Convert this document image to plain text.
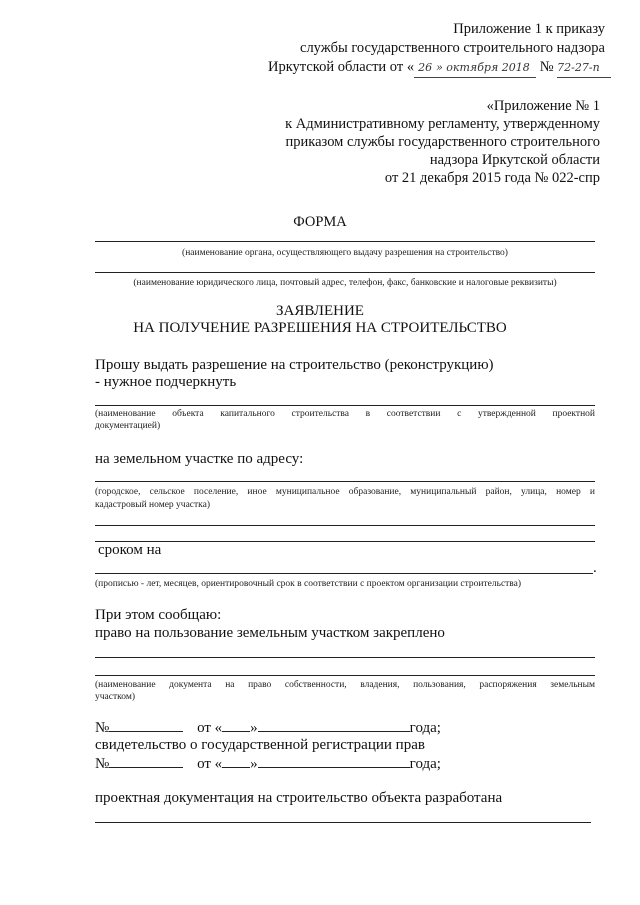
Приложение 1 к приказу
службы государственного строительного надзора
Иркутской области от « 26 » октября 2018 № 72-27-п
«Приложение № 1
к Административному регламенту, утвержденному
приказом службы государственного строительного
надзора Иркутской области
от 21 декабря 2015 года № 022-спр
ФОРМА
(наименование органа, осуществляющего выдачу разрешения на строительство)
(наименование юридического лица, почтовый адрес, телефон, факс, банковские и налоговые реквизиты)
ЗАЯВЛЕНИЕ
НА ПОЛУЧЕНИЕ РАЗРЕШЕНИЯ НА СТРОИТЕЛЬСТВО
Прошу выдать разрешение на строительство (реконструкцию)
- нужное подчеркнуть
(наименование объекта капитального строительства в соответствии с утвержденной проектной
документацией)
на земельном участке по адресу:
(городское, сельское поселение, иное муниципальное образование, муниципальный район, улица, номер и
кадастровый номер участка)
сроком на
.
(прописью - лет, месяцев, ориентировочный срок в соответствии с проектом организации строительства)
При этом сообщаю:
право на пользование земельным участком закреплено
(наименование документа на право собственности, владения, пользования, распоряжения земельным
участком)
№	от « »	года;
свидетельство о государственной регистрации прав
№	от « »	года;
проектная документация на строительство объекта разработана
